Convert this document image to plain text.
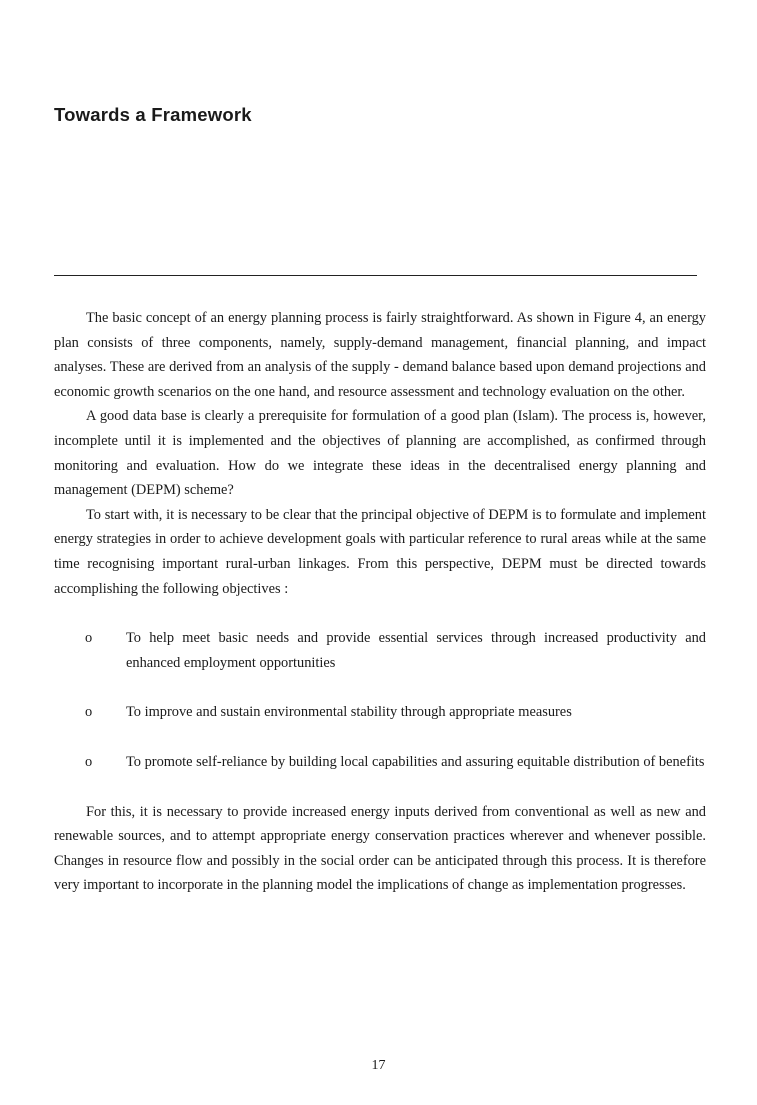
Towards a Framework

The basic concept of an energy planning process is fairly straightforward. As shown in Figure 4, an energy plan consists of three components, namely, supply-demand management, financial planning, and impact analyses. These are derived from an analysis of the supply - demand balance based upon demand projections and economic growth scenarios on the one hand, and resource assessment and technology evaluation on the other.

A good data base is clearly a prerequisite for formulation of a good plan (Islam). The process is, however, incomplete until it is implemented and the objectives of planning are accomplished, as confirmed through monitoring and evaluation. How do we integrate these ideas in the decentralised energy planning and management (DEPM) scheme?

To start with, it is necessary to be clear that the principal objective of DEPM is to formulate and implement energy strategies in order to achieve development goals with particular reference to rural areas while at the same time recognising important rural-urban linkages. From this perspective, DEPM must be directed towards accomplishing the following objectives :

o To help meet basic needs and provide essential services through increased productivity and enhanced employment opportunities
o To improve and sustain environmental stability through appropriate measures
o To promote self-reliance by building local capabilities and assuring equitable distribution of benefits

For this, it is necessary to provide increased energy inputs derived from conventional as well as new and renewable sources, and to attempt appropriate energy conservation practices wherever and whenever possible. Changes in resource flow and possibly in the social order can be anticipated through this process. It is therefore very important to incorporate in the planning model the implications of change as implementation progresses.

17
